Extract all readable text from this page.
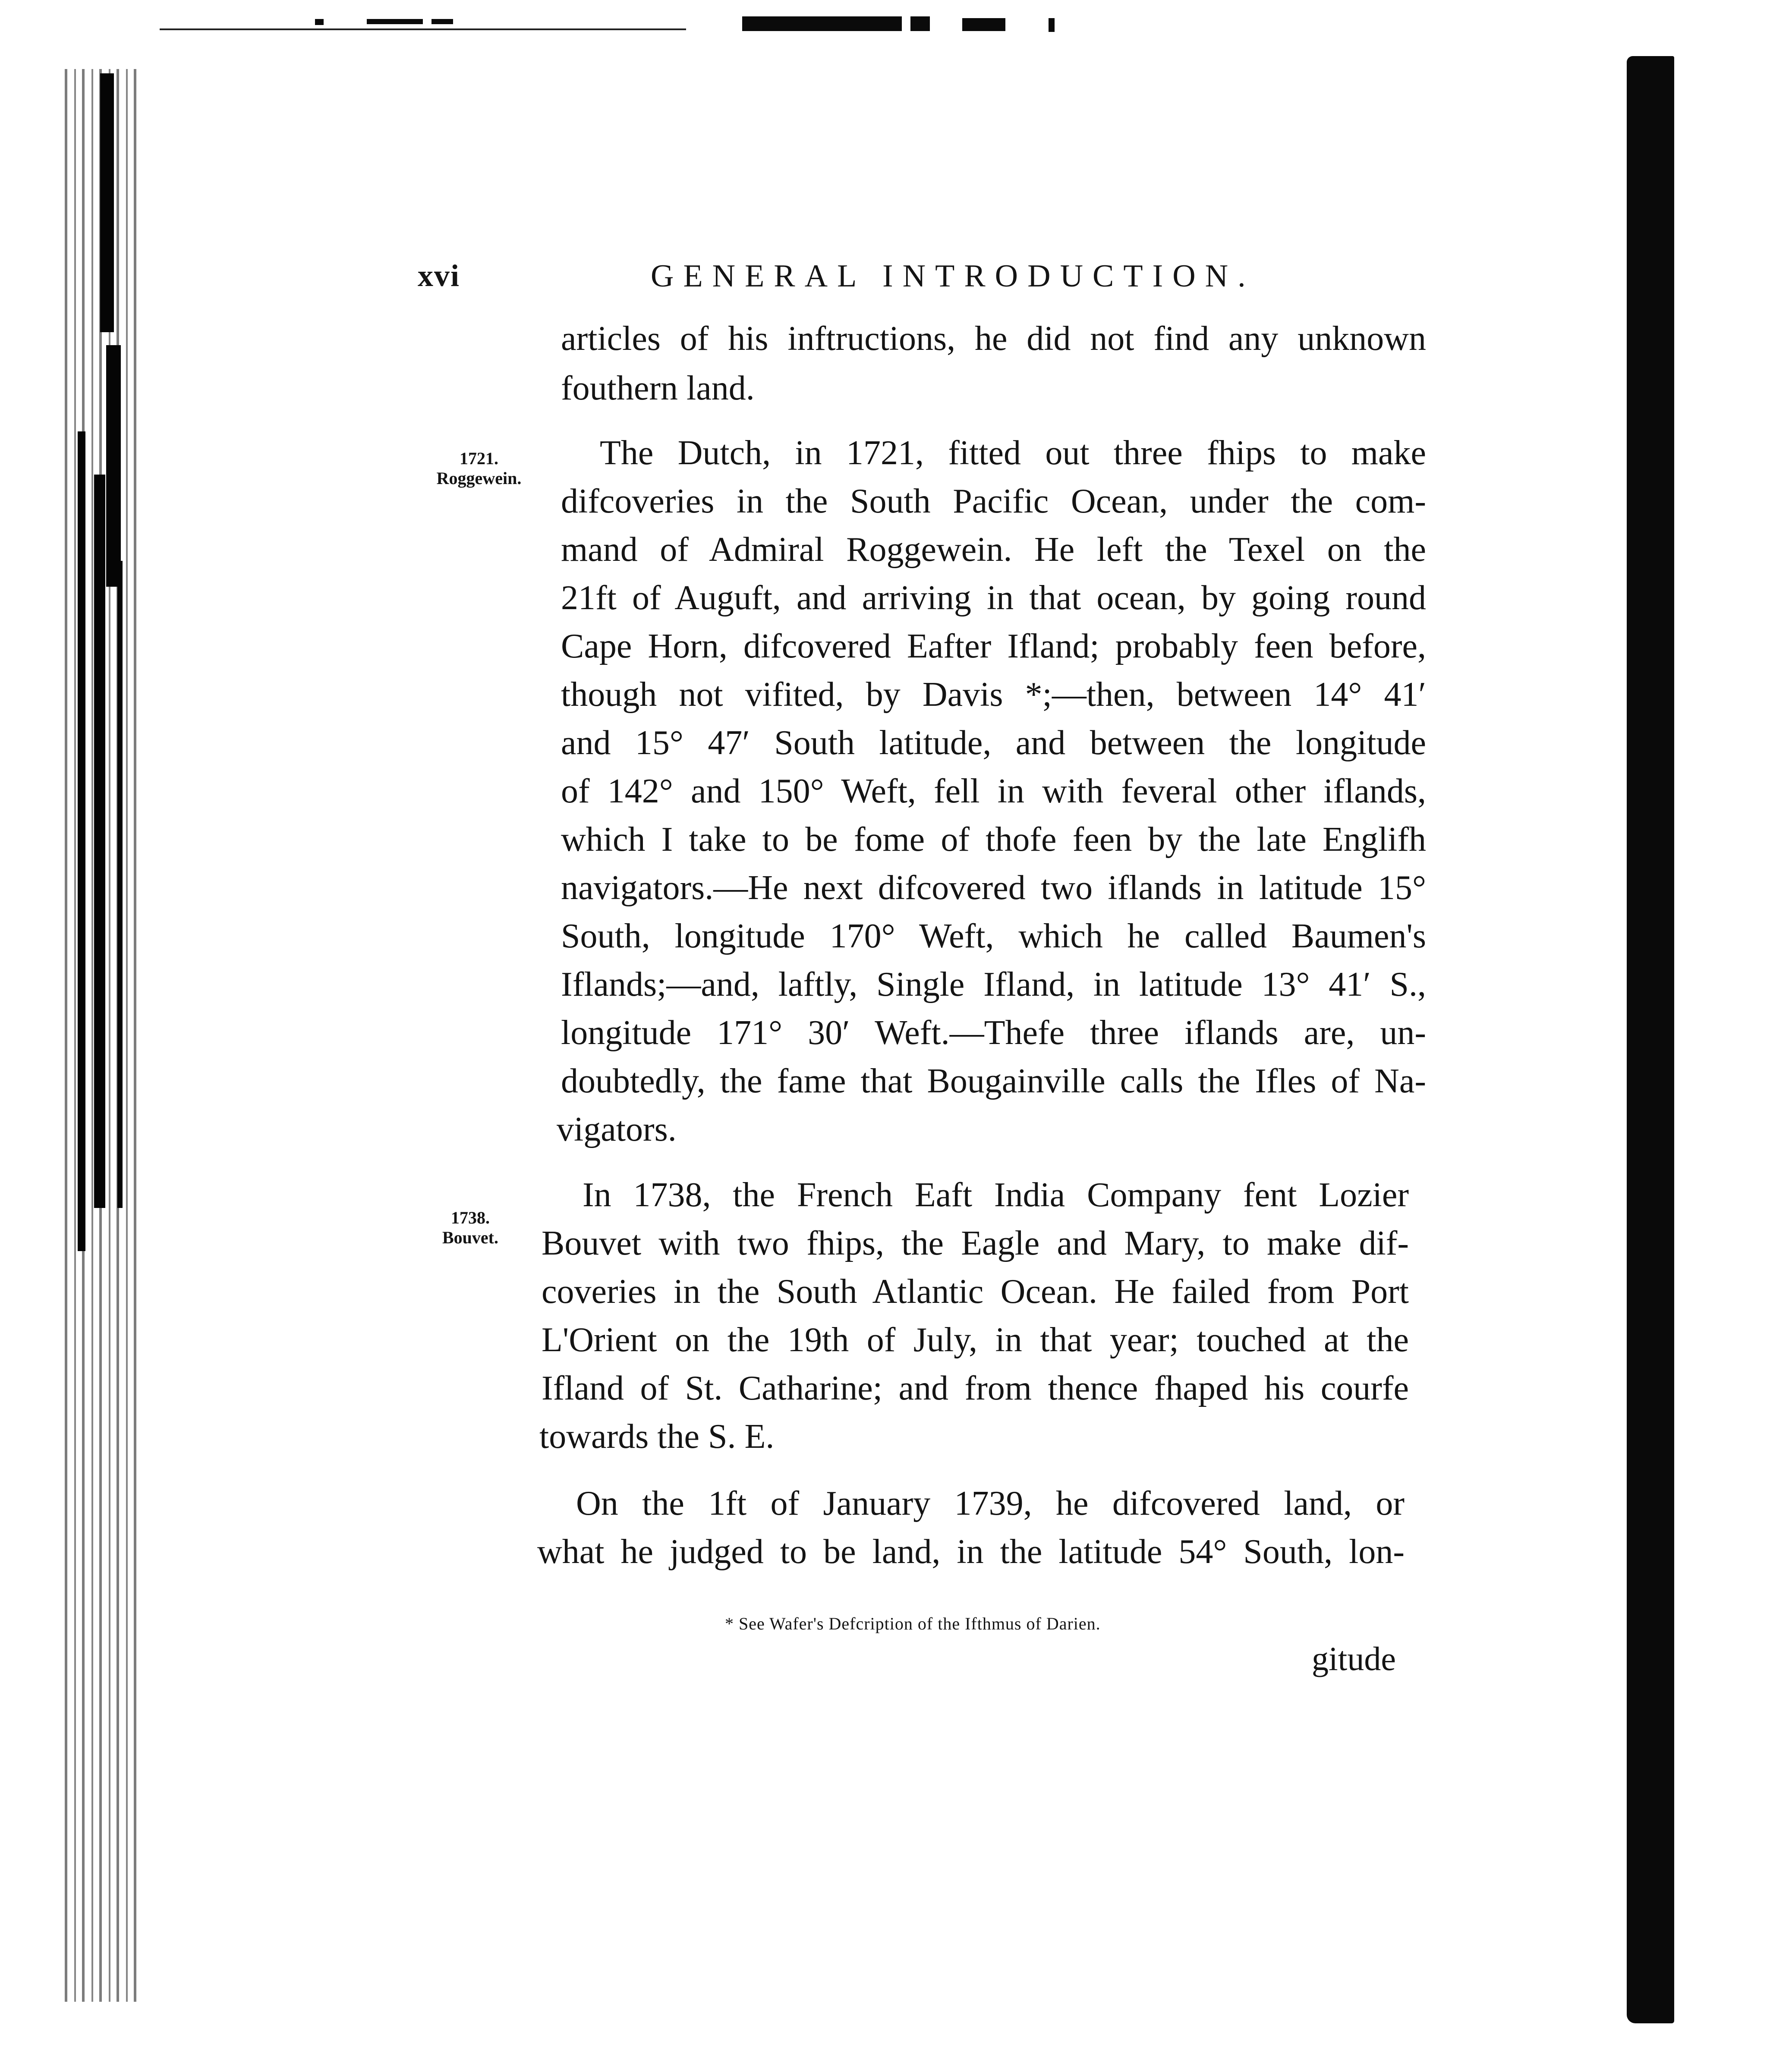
xvi	GENERAL INTRODUCTION.
1721.
Roggewein.
1738.
Bouvet.
articles of his inftructions, he did not find any unknown
fouthern land.
The Dutch, in 1721, fitted out three fhips to make
difcoveries in the South Pacific Ocean, under the com-
mand of Admiral Roggewein. He left the Texel on the
21ft of Auguft, and arriving in that ocean, by going round
Cape Horn, difcovered Eafter Ifland; probably feen before,
though not vifited, by Davis *;—then, between 14° 41′
and 15° 47′ South latitude, and between the longitude
of 142° and 150° Weft, fell in with feveral other iflands,
which I take to be fome of thofe feen by the late Englifh
navigators.—He next difcovered two iflands in latitude 15°
South, longitude 170° Weft, which he called Baumen's
Iflands;—and, laftly, Single Ifland, in latitude 13° 41′ S.,
longitude 171° 30′ Weft.—Thefe three iflands are, un-
doubtedly, the fame that Bougainville calls the Ifles of Na-
vigators.
In 1738, the French Eaft India Company fent Lozier
Bouvet with two fhips, the Eagle and Mary, to make dif-
coveries in the South Atlantic Ocean. He failed from Port
L'Orient on the 19th of July, in that year; touched at the
Ifland of St. Catharine; and from thence fhaped his courfe
towards the S. E.
On the 1ft of January 1739, he difcovered land, or
what he judged to be land, in the latitude 54° South, lon-
* See Wafer's Defcription of the Ifthmus of Darien.
gitude
